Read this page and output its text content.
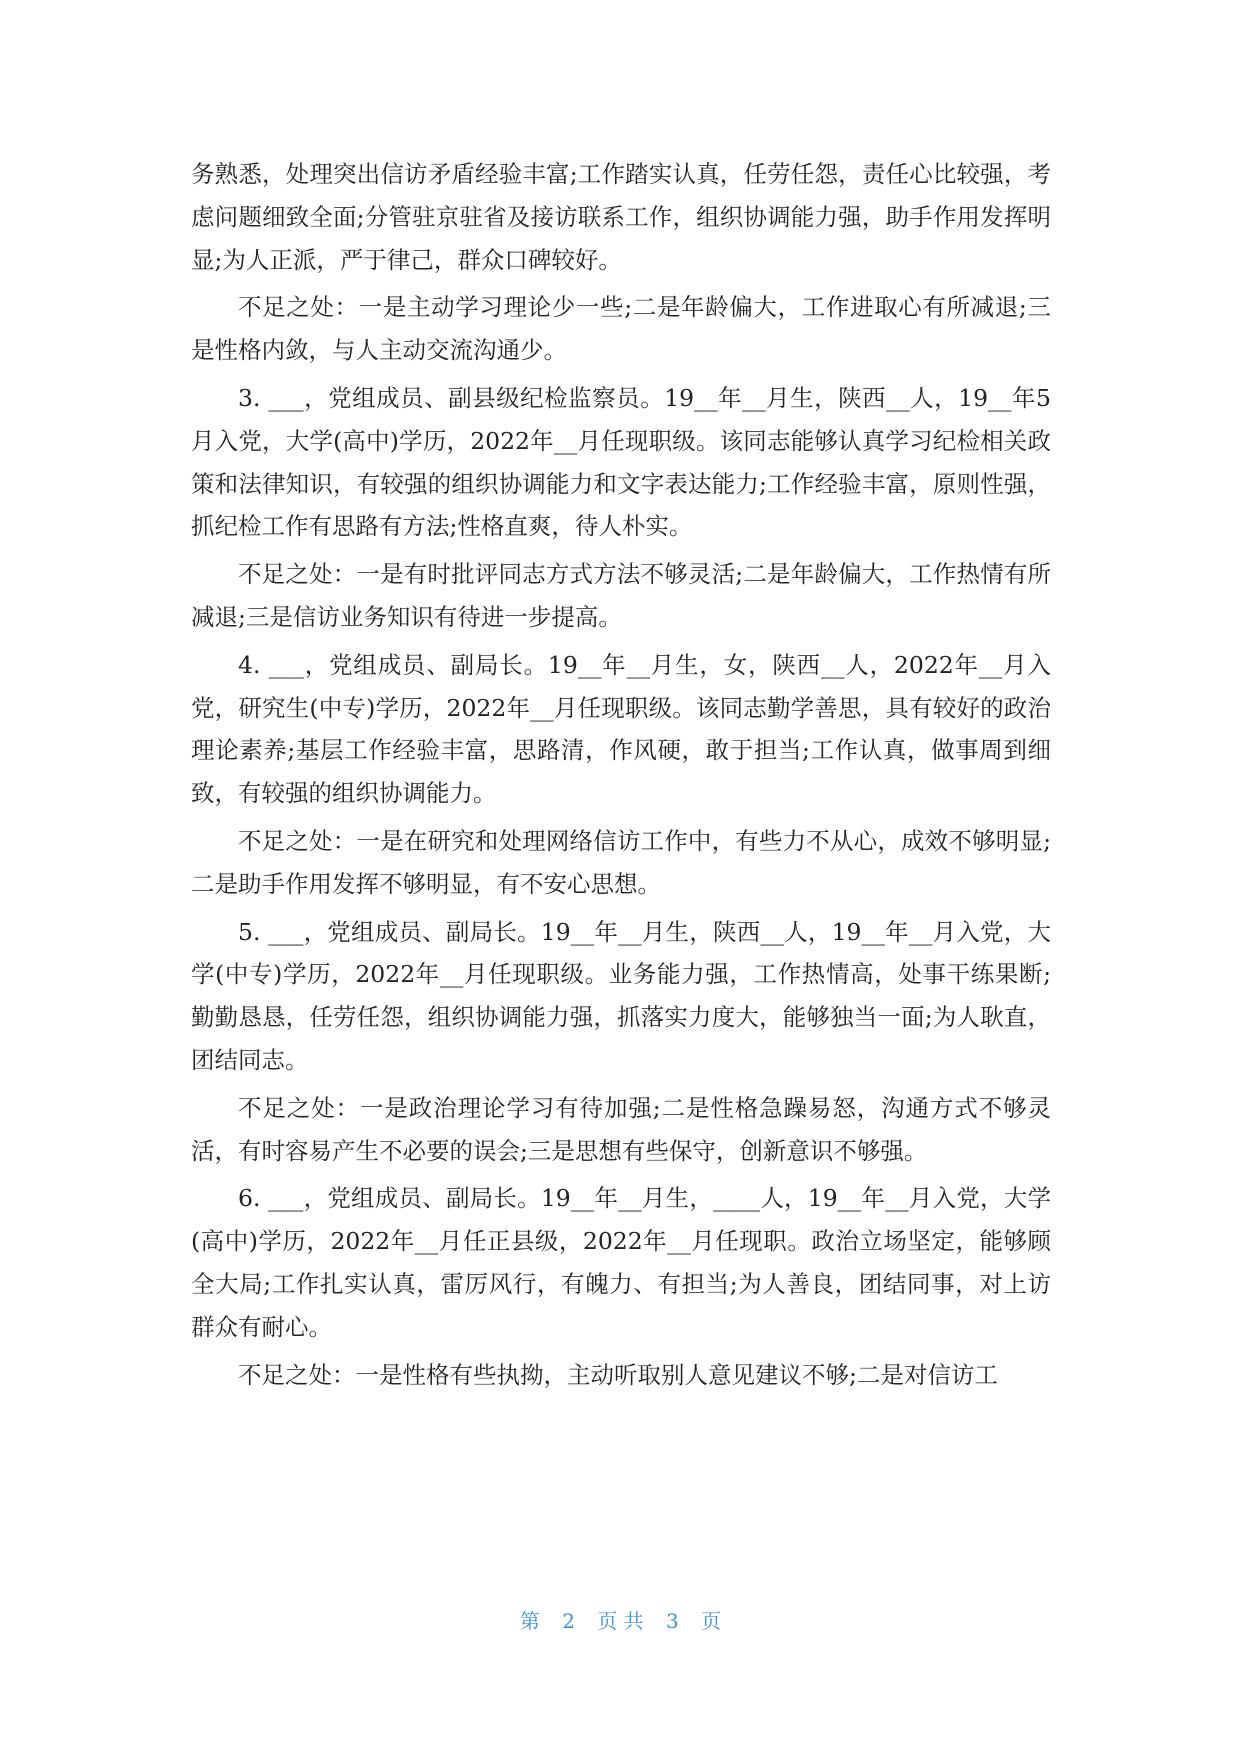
务熟悉，处理突出信访矛盾经验丰富;工作踏实认真，任劳任怨，责任心比较强，考虑问题细致全面;分管驻京驻省及接访联系工作，组织协调能力强，助手作用发挥明显;为人正派，严于律己，群众口碑较好。

不足之处：一是主动学习理论少一些;二是年龄偏大，工作进取心有所减退;三是性格内敛，与人主动交流沟通少。

3. ___，党组成员、副县级纪检监察员。19__年__月生，陕西__人，19__年5月入党，大学(高中)学历，2022年__月任现职级。该同志能够认真学习纪检相关政策和法律知识，有较强的组织协调能力和文字表达能力;工作经验丰富，原则性强，抓纪检工作有思路有方法;性格直爽，待人朴实。

不足之处：一是有时批评同志方式方法不够灵活;二是年龄偏大，工作热情有所减退;三是信访业务知识有待进一步提高。

4. ___，党组成员、副局长。19__年__月生，女，陕西__人，2022年__月入党，研究生(中专)学历，2022年__月任现职级。该同志勤学善思，具有较好的政治理论素养;基层工作经验丰富，思路清，作风硬，敢于担当;工作认真，做事周到细致，有较强的组织协调能力。

不足之处：一是在研究和处理网络信访工作中，有些力不从心，成效不够明显;二是助手作用发挥不够明显，有不安心思想。

5. ___，党组成员、副局长。19__年__月生，陕西__人，19__年__月入党，大学(中专)学历，2022年__月任现职级。业务能力强，工作热情高，处事干练果断;勤勤恳恳，任劳任怨，组织协调能力强，抓落实力度大，能够独当一面;为人耿直，团结同志。

不足之处：一是政治理论学习有待加强;二是性格急躁易怒，沟通方式不够灵活，有时容易产生不必要的误会;三是思想有些保守，创新意识不够强。

6. ___，党组成员、副局长。19__年__月生，____人，19__年__月入党，大学(高中)学历，2022年__月任正县级，2022年__月任现职。政治立场坚定，能够顾全大局;工作扎实认真，雷厉风行，有魄力、有担当;为人善良，团结同事，对上访群众有耐心。

不足之处：一是性格有些执拗，主动听取别人意见建议不够;二是对信访工

第 2 页 共 3 页
